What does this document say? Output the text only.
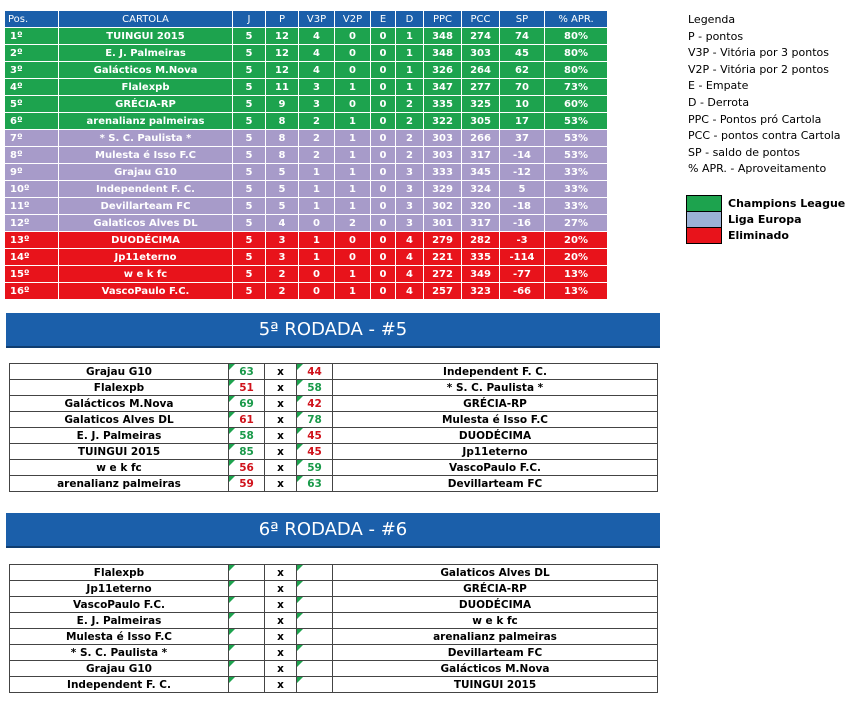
Pos.	CARTOLA	J	P	V3P	V2P	E	D	PPC	PCC	SP	% APR.
1º	TUINGUI 2015	5	12	4	0	0	1	348	274	74	80%
2º	E. J. Palmeiras	5	12	4	0	0	1	348	303	45	80%
3º	Galácticos M.Nova	5	12	4	0	0	1	326	264	62	80%
4º	Flalexpb	5	11	3	1	0	1	347	277	70	73%
5º	GRÉCIA-RP	5	9	3	0	0	2	335	325	10	60%
6º	arenalianz palmeiras	5	8	2	1	0	2	322	305	17	53%
7º	* S. C. Paulista *	5	8	2	1	0	2	303	266	37	53%
8º	Mulesta é Isso F.C	5	8	2	1	0	2	303	317	-14	53%
9º	Grajau G10	5	5	1	1	0	3	333	345	-12	33%
10º	Independent F. C.	5	5	1	1	0	3	329	324	5	33%
11º	Devillarteam FC	5	5	1	1	0	3	302	320	-18	33%
12º	Galaticos Alves DL	5	4	0	2	0	3	301	317	-16	27%
13º	DUODÉCIMA	5	3	1	0	0	4	279	282	-3	20%
14º	Jp11eterno	5	3	1	0	0	4	221	335	-114	20%
15º	w e k fc	5	2	0	1	0	4	272	349	-77	13%
16º	VascoPaulo F.C.	5	2	0	1	0	4	257	323	-66	13%
Legenda
P - pontos
V3P - Vitória por 3 pontos
V2P - Vitória por 2 pontos
E - Empate
D - Derrota
PPC - Pontos pró Cartola
PCC - pontos contra Cartola
SP - saldo de pontos
% APR. - Aproveitamento
	Champions League
	Liga Europa
	Eliminado
5ª RODADA - #5
Grajau G10	63	x	44	Independent F. C.
Flalexpb	51	x	58	* S. C. Paulista *
Galácticos M.Nova	69	x	42	GRÉCIA-RP
Galaticos Alves DL	61	x	78	Mulesta é Isso F.C
E. J. Palmeiras	58	x	45	DUODÉCIMA
TUINGUI 2015	85	x	45	Jp11eterno
w e k fc	56	x	59	VascoPaulo F.C.
arenalianz palmeiras	59	x	63	Devillarteam FC
6ª RODADA - #6
Flalexpb		x		Galaticos Alves DL
Jp11eterno		x		GRÉCIA-RP
VascoPaulo F.C.		x		DUODÉCIMA
E. J. Palmeiras		x		w e k fc
Mulesta é Isso F.C		x		arenalianz palmeiras
* S. C. Paulista *		x		Devillarteam FC
Grajau G10		x		Galácticos M.Nova
Independent F. C.		x		TUINGUI 2015
